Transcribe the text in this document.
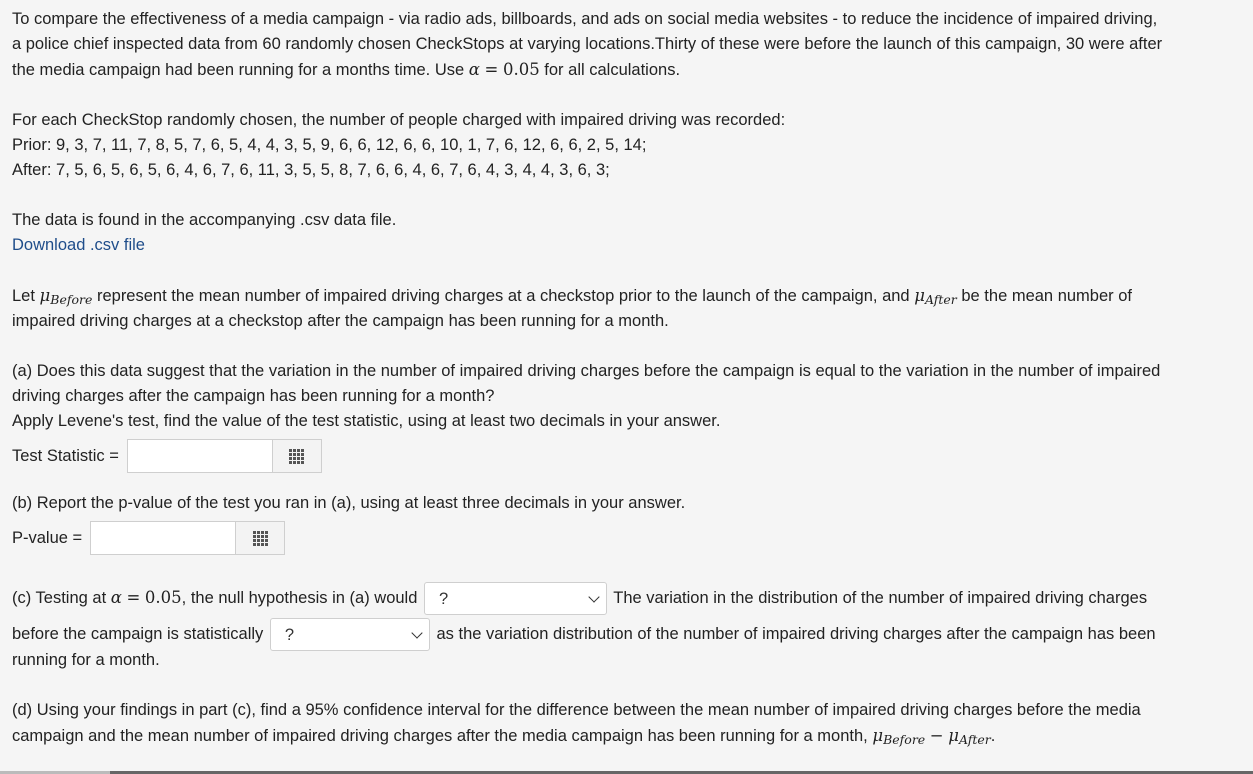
To compare the effectiveness of a media campaign - via radio ads, billboards, and ads on social media websites - to reduce the incidence of impaired driving,

a police chief inspected data from 60 randomly chosen CheckStops at varying locations.Thirty of these were before the launch of this campaign, 30 were after

the media campaign had been running for a months time. Use α = 0.05 for all calculations.

For each CheckStop randomly chosen, the number of people charged with impaired driving was recorded:

Prior: 9, 3, 7, 11, 7, 8, 5, 7, 6, 5, 4, 4, 3, 5, 9, 6, 6, 12, 6, 6, 10, 1, 7, 6, 12, 6, 6, 2, 5, 14;

After: 7, 5, 6, 5, 6, 5, 6, 4, 6, 7, 6, 11, 3, 5, 5, 8, 7, 6, 6, 4, 6, 7, 6, 4, 3, 4, 4, 3, 6, 3;

The data is found in the accompanying .csv data file.

Download .csv file

Let μBefore represent the mean number of impaired driving charges at a checkstop prior to the launch of the campaign, and μAfter be the mean number of

impaired driving charges at a checkstop after the campaign has been running for a month.

(a) Does this data suggest that the variation in the number of impaired driving charges before the campaign is equal to the variation in the number of impaired

driving charges after the campaign has been running for a month?

Apply Levene's test, find the value of the test statistic, using at least two decimals in your answer.

Test Statistic =

(b) Report the p-value of the test you ran in (a), using at least three decimals in your answer.

P-value =

(c) Testing at α = 0.05, the null hypothesis in (a) would ?	The variation in the distribution of the number of impaired driving charges

before the campaign is statistically ?	as the variation distribution of the number of impaired driving charges after the campaign has been

running for a month.

(d) Using your findings in part (c), find a 95% confidence interval for the difference between the mean number of impaired driving charges before the media

campaign and the mean number of impaired driving charges after the media campaign has been running for a month, μBefore − μAfter.
